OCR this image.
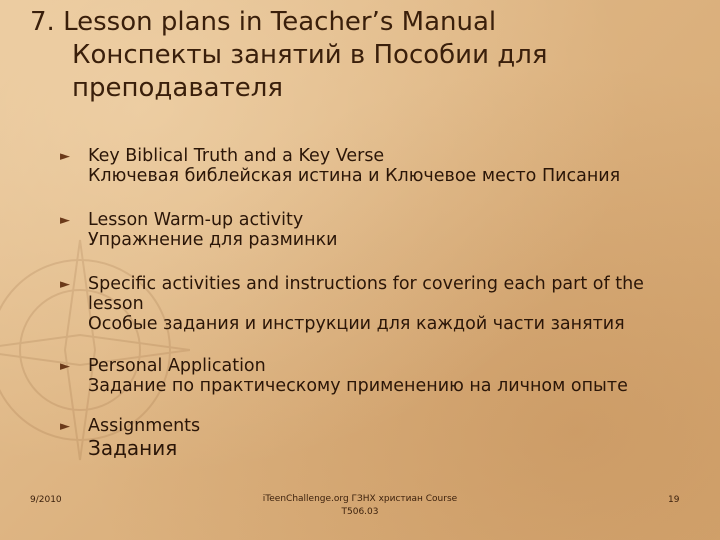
7. Lesson plans in Teacher’s Manual
Конспекты занятий в Пособии для
преподавателя
► Key Biblical Truth and a Key Verse
Ключевая библейская истина и Ключевое место Писания
► Lesson Warm-up activity
Упражнение для разминки
► Specific activities and instructions for covering each part of the
lesson
Особые задания и инструкции для каждой части занятия
► Personal Application
Задание по практическому применению на личном опыте
► Assignments
Задания
9/2010	iTeenChallenge.org ГЗНХ христиан Course
T506.03
19
